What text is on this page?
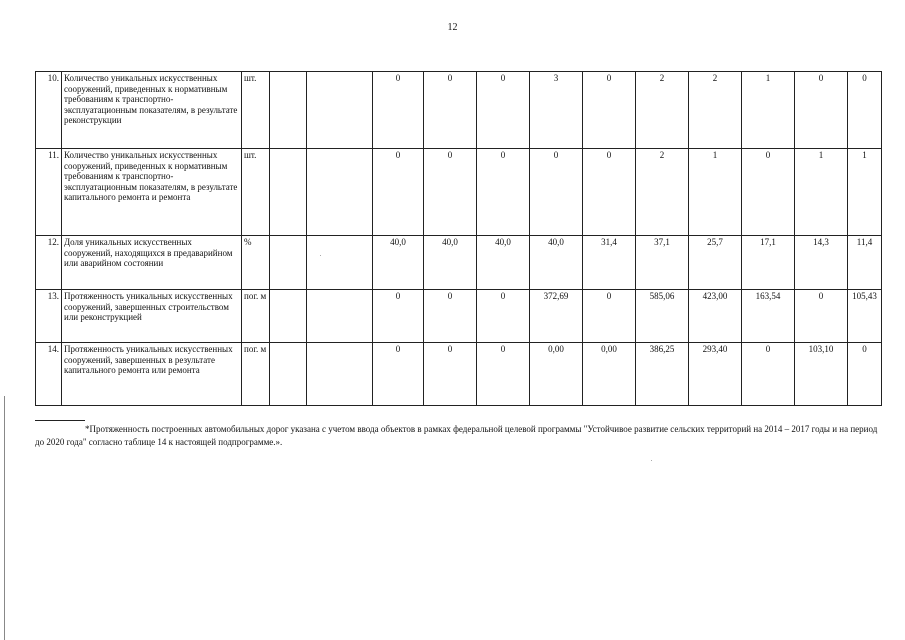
12
10.	Количество уникальных искусственных сооружений, приведенных к нормативным требованиям к транспортно-эксплуатационным показателям, в результате реконструкции	шт.			0	0	0	3	0	2	2	1	0	0
11.	Количество уникальных искусственных сооружений, приведенных к нормативным требованиям к транспортно-эксплуатационным показателям, в результате капитального ремонта и ремонта	шт.			0	0	0	0	0	2	1	0	1	1
12.	Доля уникальных искусственных сооружений, находящихся в предаварийном или аварийном состоянии	%			40,0	40,0	40,0	40,0	31,4	37,1	25,7	17,1	14,3	11,4
13.	Протяженность уникальных искусственных сооружений, завершенных строительством или реконструкцией	пог. м			0	0	0	372,69	0	585,06	423,00	163,54	0	105,43
14.	Протяженность уникальных искусственных сооружений, завершенных в результате капитального ремонта или ремонта	пог. м			0	0	0	0,00	0,00	386,25	293,40	0	103,10	0
*Протяженность построенных автомобильных дорог указана с учетом ввода объектов в рамках федеральной целевой программы "Устойчивое развитие сельских территорий на 2014 – 2017 годы и на период до 2020 года" согласно таблице 14 к настоящей подпрограмме.».
